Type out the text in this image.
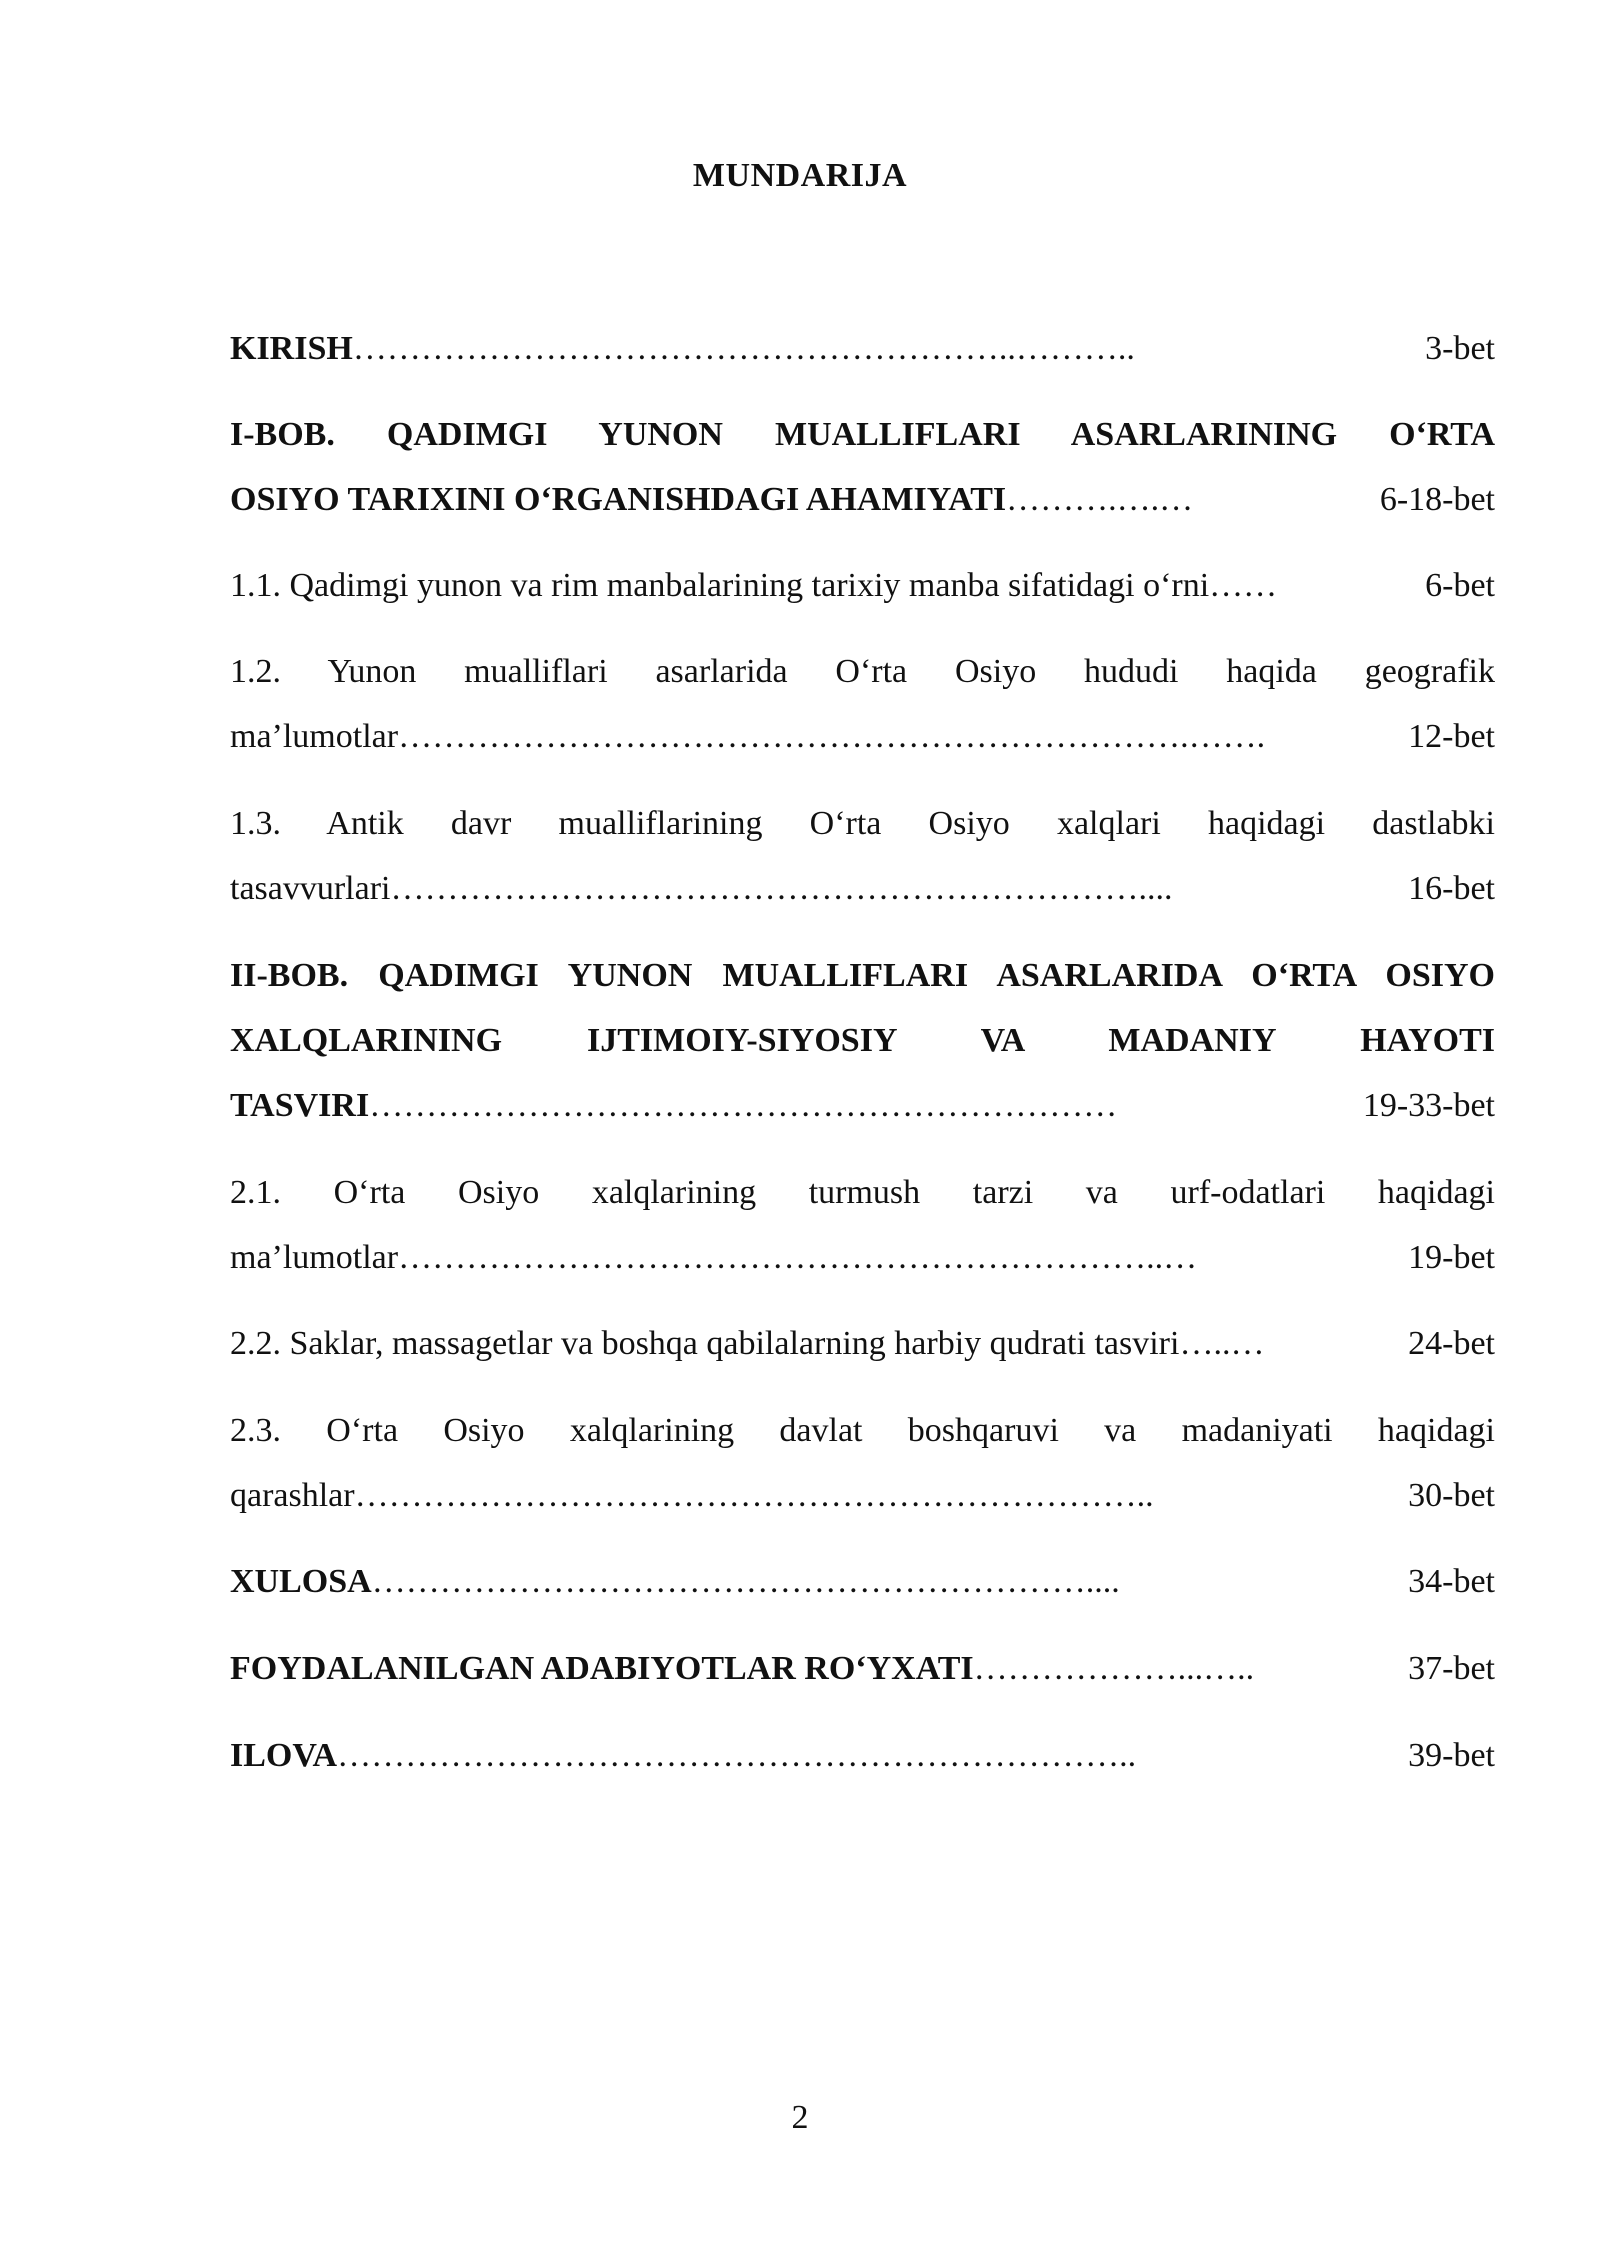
MUNDARIJA
KIRISH …………………………………………………..………..	3-bet
I-BOB. QADIMGI YUNON MUALLIFLARI ASARLARINING O‘RTA
OSIYO TARIXINI O‘RGANISHDAGI AHAMIYATI ……….….…	6-18-bet
1.1. Qadimgi yunon va rim manbalarining tarixiy manba sifatidagi o‘rni ……	6-bet
1.2. Yunon mualliflari asarlarida O‘rta Osiyo hududi haqida geografik
ma’lumotlar …………………………………………………………….…….	12-bet
1.3. Antik davr mualliflarining O‘rta Osiyo xalqlari haqidagi dastlabki
tasavvurlari …………………………………………………………....	16-bet
II-BOB. QADIMGI YUNON MUALLIFLARI ASARLARIDA O‘RTA OSIYO
XALQLARINING IJTIMOIY-SIYOSIY VA MADANIY HAYOTI
TASVIRI …………………………………………………………	19-33-bet
2.1. O‘rta Osiyo xalqlarining turmush tarzi va urf-odatlari haqidagi
ma’lumotlar …………………………………………………………..…	19-bet
2.2. Saklar, massagetlar va boshqa qabilalarning harbiy qudrati tasviri …..…	24-bet
2.3. O‘rta Osiyo xalqlarining davlat boshqaruvi va madaniyati haqidagi
qarashlar ……………………………………………………………..	30-bet
XULOSA ………………………………………………………....	34-bet
FOYDALANILGAN ADABIYOTLAR RO‘YXATI ………………...…..	37-bet
ILOVA ……………………………………………………………..	39-bet
2
